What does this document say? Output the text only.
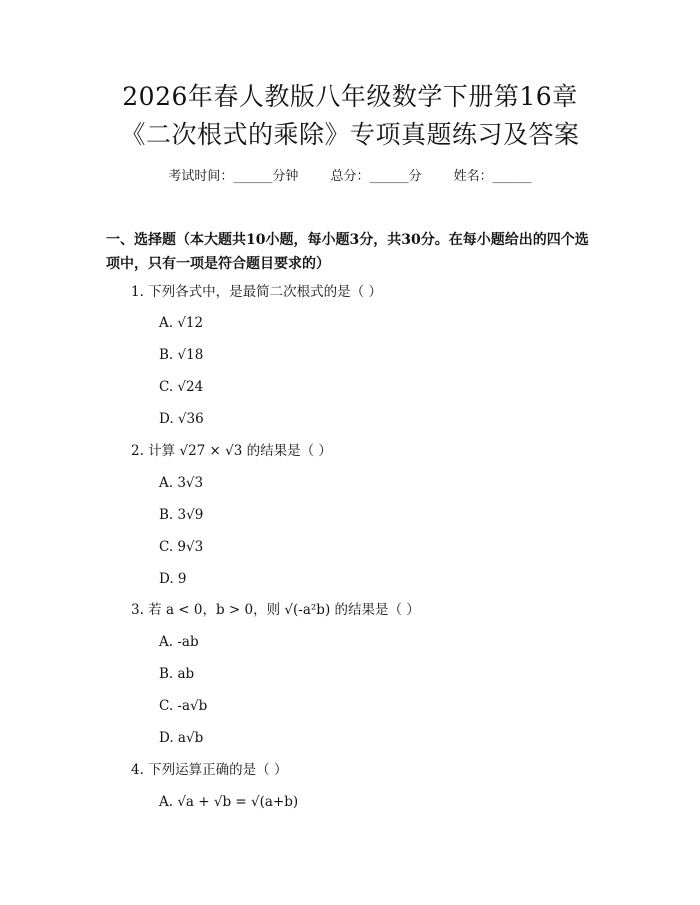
2026年春人教版八年级数学下册第16章
《二次根式的乘除》专项真题练习及答案
考试时间：______分钟 总分：______分 姓名：______
一、选择题（本大题共10小题，每小题3分，共30分。在每小题给出的四个选项中，只有一项是符合题目要求的）
1. 下列各式中，是最简二次根式的是（ ）
A. √12
B. √18
C. √24
D. √36
2. 计算 √27 × √3 的结果是（ ）
A. 3√3
B. 3√9
C. 9√3
D. 9
3. 若 a < 0，b > 0，则 √(-a²b) 的结果是（ ）
A. -ab
B. ab
C. -a√b
D. a√b
4. 下列运算正确的是（ ）
A. √a + √b = √(a+b)
